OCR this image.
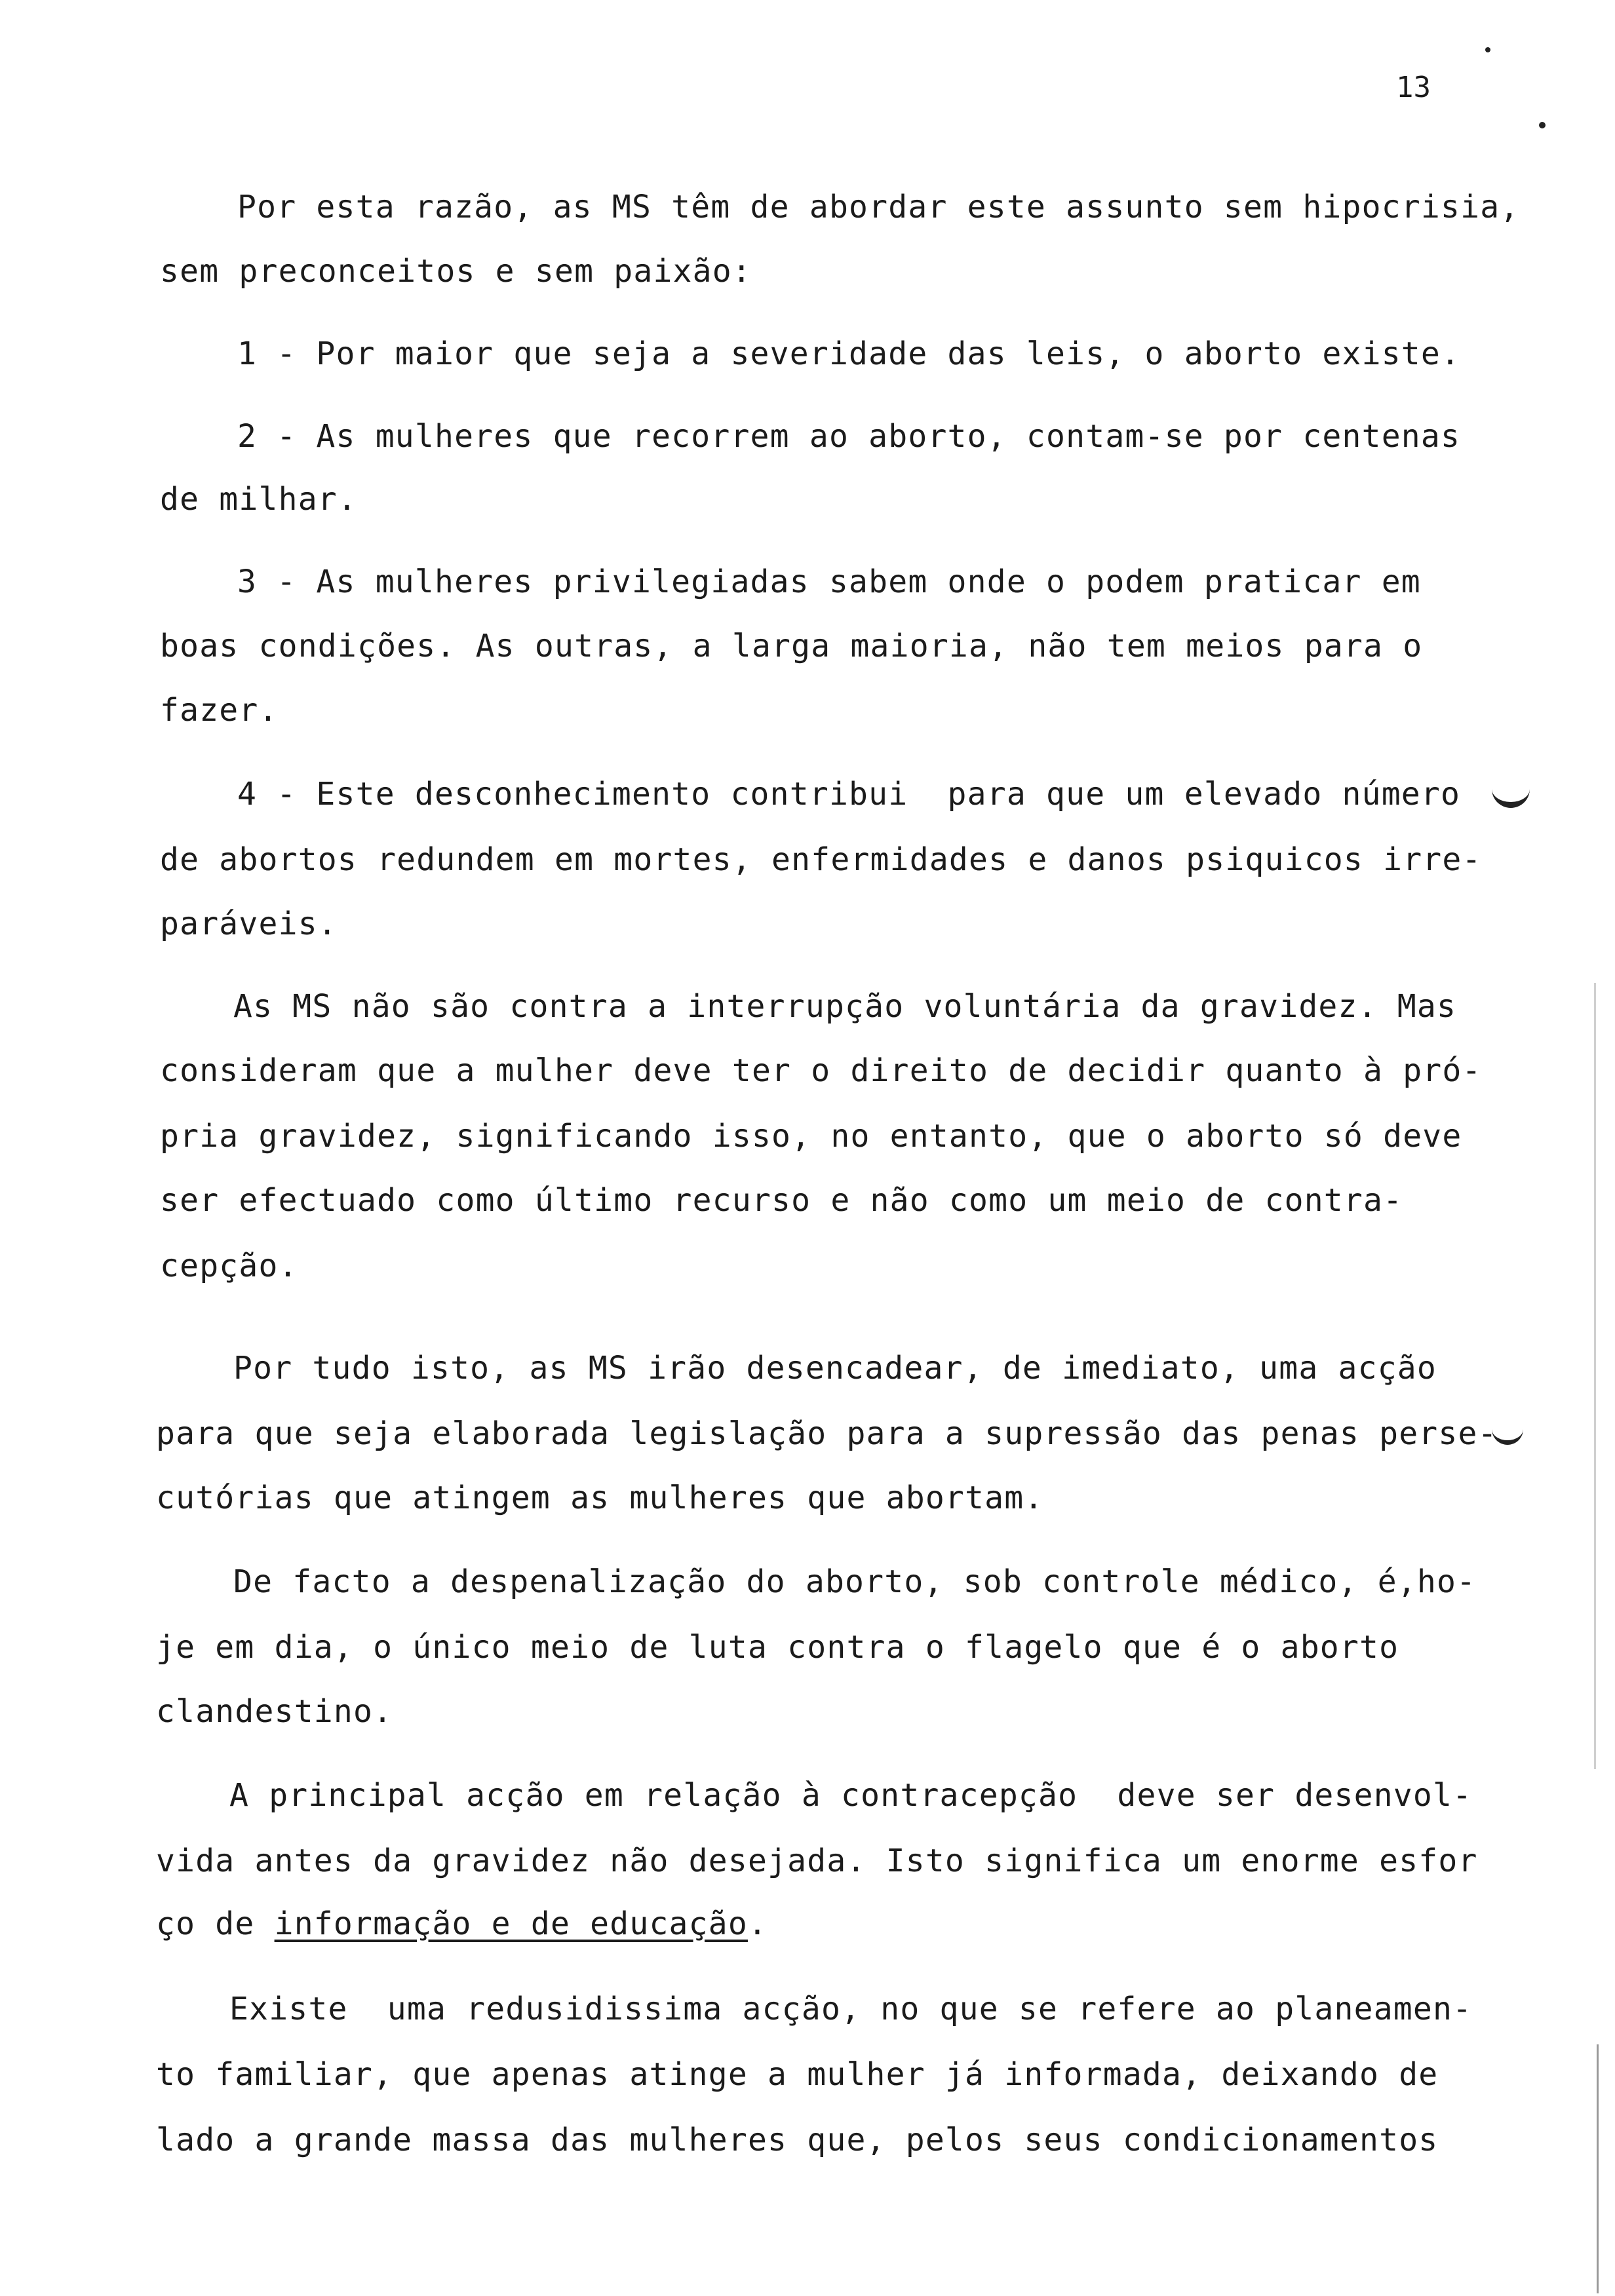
13
Por esta razão, as MS têm de abordar este assunto sem hipocrisia,
sem preconceitos e sem paixão:
1 - Por maior que seja a severidade das leis, o aborto existe.
2 - As mulheres que recorrem ao aborto, contam-se por centenas
de milhar.
3 - As mulheres privilegiadas sabem onde o podem praticar em
boas condições. As outras, a larga maioria, não tem meios para o
fazer.
4 - Este desconhecimento contribui  para que um elevado número
de abortos redundem em mortes, enfermidades e danos psiquicos irre-
paráveis.
As MS não são contra a interrupção voluntária da gravidez. Mas
consideram que a mulher deve ter o direito de decidir quanto à pró-
pria gravidez, significando isso, no entanto, que o aborto só deve
ser efectuado como último recurso e não como um meio de contra-
cepção.
Por tudo isto, as MS irão desencadear, de imediato, uma acção
para que seja elaborada legislação para a supressão das penas perse-
cutórias que atingem as mulheres que abortam.
De facto a despenalização do aborto, sob controle médico, é,ho-
je em dia, o único meio de luta contra o flagelo que é o aborto
clandestino.
A principal acção em relação à contracepção  deve ser desenvol-
vida antes da gravidez não desejada. Isto significa um enorme esfor
ço de informação e de educação.
Existe  uma redusidissima acção, no que se refere ao planeamen-
to familiar, que apenas atinge a mulher já informada, deixando de
lado a grande massa das mulheres que, pelos seus condicionamentos
